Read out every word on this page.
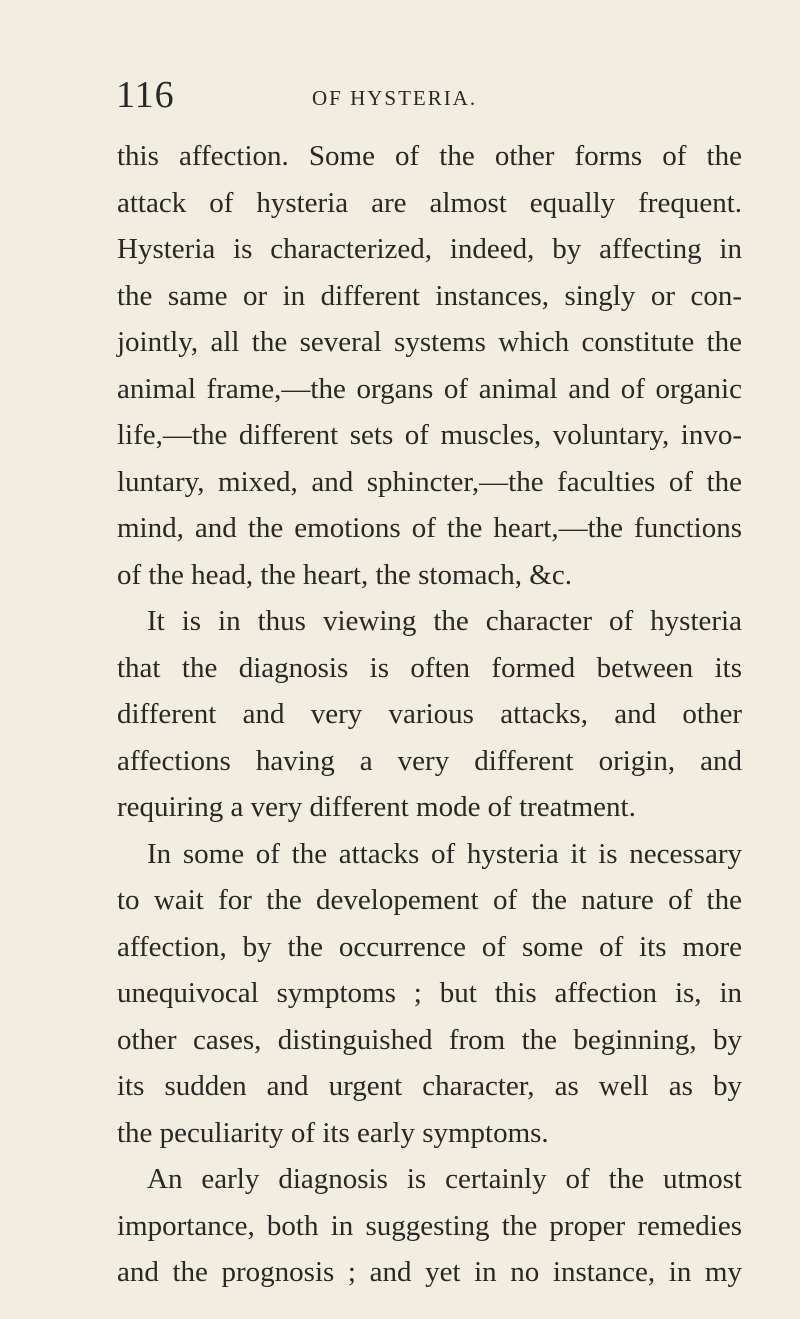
116	OF HYSTERIA.
this affection. Some of the other forms of the
attack of hysteria are almost equally frequent.
Hysteria is characterized, indeed, by affecting in
the same or in different instances, singly or con-
jointly, all the several systems which constitute the
animal frame,—the organs of animal and of organic
life,—the different sets of muscles, voluntary, invo-
luntary, mixed, and sphincter,—the faculties of the
mind, and the emotions of the heart,—the functions
of the head, the heart, the stomach, &c.
It is in thus viewing the character of hysteria
that the diagnosis is often formed between its
different and very various attacks, and other
affections having a very different origin, and
requiring a very different mode of treatment.
In some of the attacks of hysteria it is necessary
to wait for the developement of the nature of the
affection, by the occurrence of some of its more
unequivocal symptoms ; but this affection is, in
other cases, distinguished from the beginning, by
its sudden and urgent character, as well as by
the peculiarity of its early symptoms.
An early diagnosis is certainly of the utmost
importance, both in suggesting the proper remedies
and the prognosis ; and yet in no instance, in my
